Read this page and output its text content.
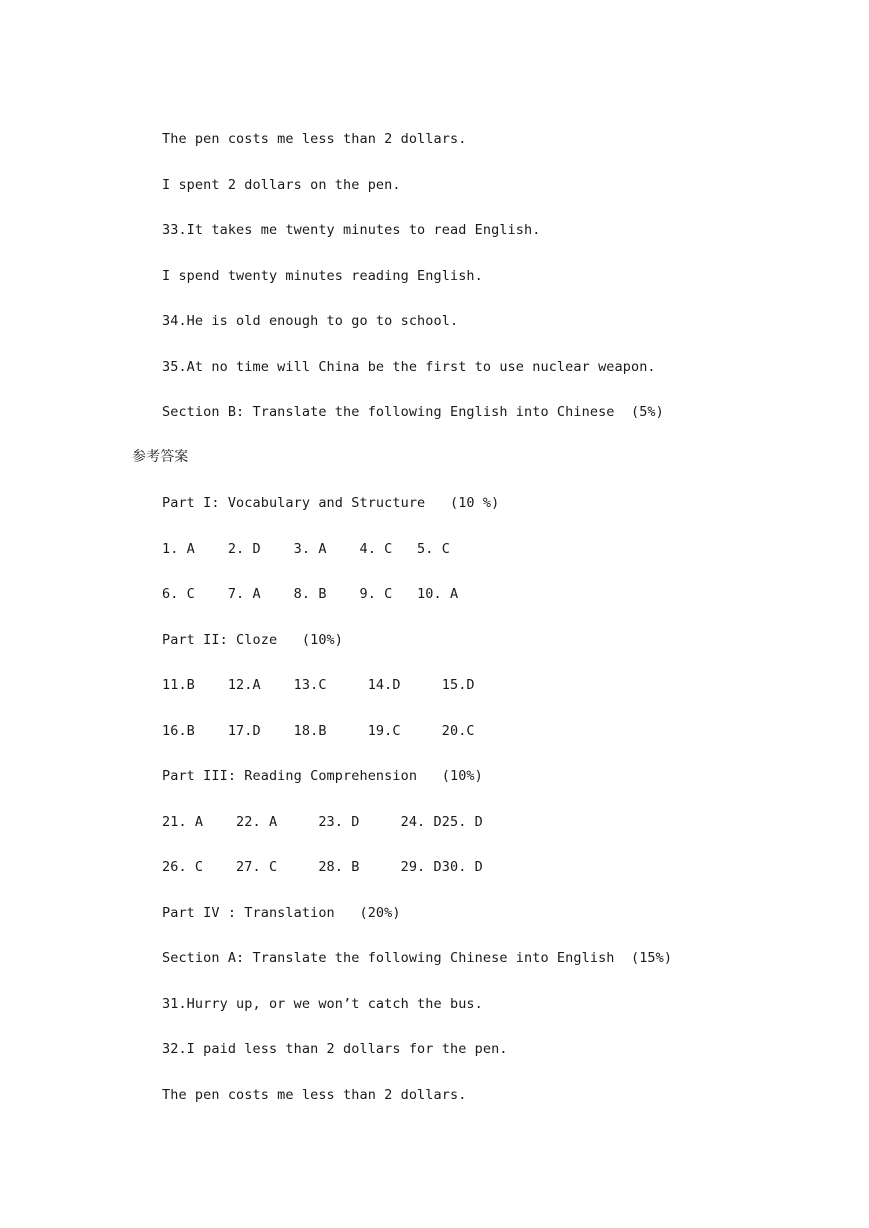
The pen costs me less than 2 dollars.
I spent 2 dollars on the pen.
33.It takes me twenty minutes to read English.
I spend twenty minutes reading English.
34.He is old enough to go to school.
35.At no time will China be the first to use nuclear weapon.
Section B: Translate the following English into Chinese  (5%)
参考答案
Part I: Vocabulary and Structure   (10 %)
1. A    2. D    3. A    4. C   5. C
6. C    7. A    8. B    9. C   10. A
Part II: Cloze   (10%)
11.B    12.A    13.C     14.D     15.D
16.B    17.D    18.B     19.C     20.C
Part III: Reading Comprehension   (10%)
21. A    22. A     23. D     24. D25. D
26. C    27. C     28. B     29. D30. D
Part IV : Translation   (20%)
Section A: Translate the following Chinese into English  (15%)
31.Hurry up, or we won’t catch the bus.
32.I paid less than 2 dollars for the pen.
The pen costs me less than 2 dollars.
